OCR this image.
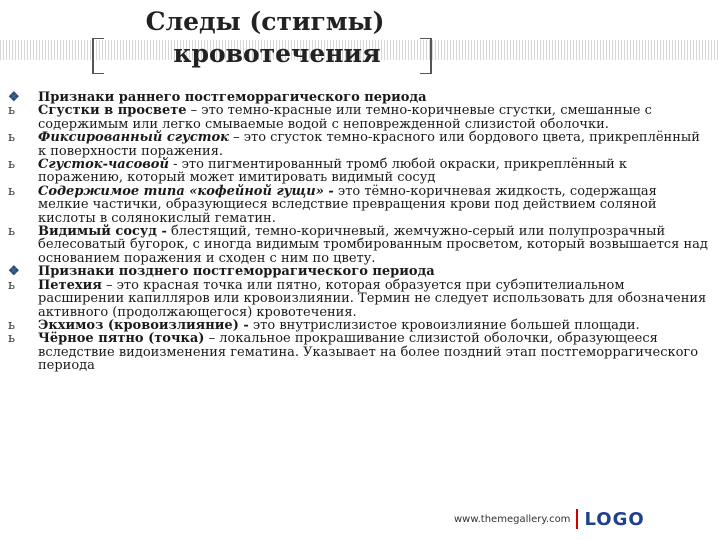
Следы (стигмы)

кровотечения
❖	Признаки раннего постгеморрагического периода
ь	Сгустки в просвете – это темно-красные или темно-коричневые сгустки, смешанные с содержимым или легко смываемые водой с неповрежденной слизистой оболочки.
ь	Фиксированный сгусток – это сгусток темно-красного или бордового цвета, прикреплённый к поверхности поражения.
ь	Сгусток-часовой - это пигментированный тромб любой окраски, прикреплённый к поражению, который может имитировать видимый сосуд
ь	Содержимое типа «кофейной гущи» - это тёмно-коричневая жидкость, содержащая мелкие частички, образующиеся вследствие превращения крови под действием соляной кислоты в солянокислый гематин.
ь	Видимый сосуд - блестящий, темно-коричневый, жемчужно-серый или полупрозрачный белесоватый бугорок, с иногда видимым тромбированным просветом, который возвышается над основанием поражения и сходен с ним по цвету.
❖	Признаки позднего постгеморрагического периода
ь	Петехия – это красная точка или пятно, которая образуется при субэпителиальном расширении капилляров или кровоизлиянии. Термин не следует использовать для обозначения активного (продолжающегося) кровотечения.
ь	Экхимоз (кровоизлияние) - это внутрислизистое кровоизлияние большей площади.
ь	Чёрное пятно (точка) – локальное прокрашивание слизистой оболочки, образующееся вследствие видоизменения гематина. Указывает на более поздний этап постгеморрагического периода
www.themegallery.com LOGO
